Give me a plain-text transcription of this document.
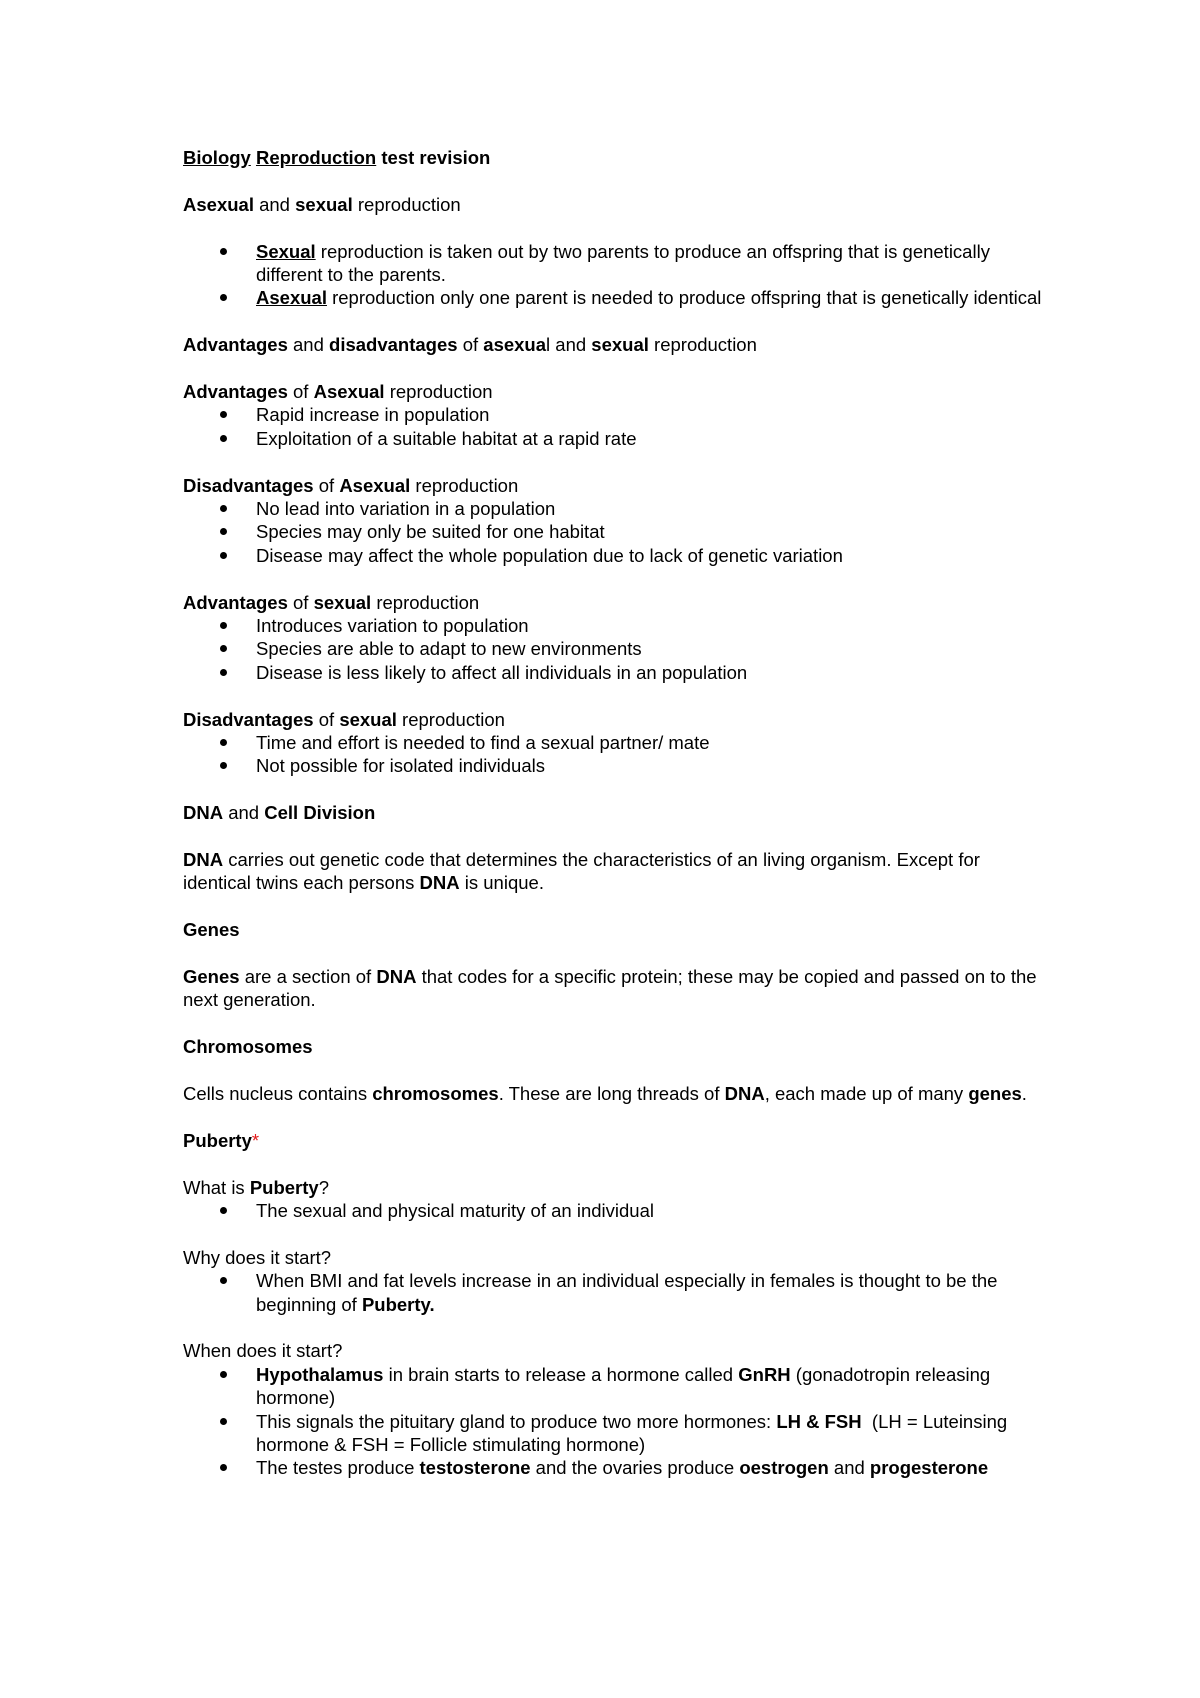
Biology Reproduction test revision

Asexual and sexual reproduction

Sexual reproduction is taken out by two parents to produce an offspring that is genetically different to the parents.
Asexual reproduction only one parent is needed to produce offspring that is genetically identical

Advantages and disadvantages of asexual and sexual reproduction

Advantages of Asexual reproduction

Rapid increase in population
Exploitation of a suitable habitat at a rapid rate

Disadvantages of Asexual reproduction

No lead into variation in a population
Species may only be suited for one habitat
Disease may affect the whole population due to lack of genetic variation

Advantages of sexual reproduction

Introduces variation to population
Species are able to adapt to new environments
Disease is less likely to affect all individuals in an population

Disadvantages of sexual reproduction

Time and effort is needed to find a sexual partner/ mate
Not possible for isolated individuals

DNA and Cell Division

DNA carries out genetic code that determines the characteristics of an living organism. Except for identical twins each persons DNA is unique.

Genes

Genes are a section of DNA that codes for a specific protein; these may be copied and passed on to the next generation.

Chromosomes

Cells nucleus contains chromosomes. These are long threads of DNA, each made up of many genes.

Puberty*

What is Puberty?

The sexual and physical maturity of an individual

Why does it start?

When BMI and fat levels increase in an individual especially in females is thought to be the beginning of Puberty.

When does it start?

Hypothalamus in brain starts to release a hormone called GnRH (gonadotropin releasing hormone)
This signals the pituitary gland to produce two more hormones: LH & FSH  (LH = Luteinsing hormone & FSH = Follicle stimulating hormone)
The testes produce testosterone and the ovaries produce oestrogen and progesterone
